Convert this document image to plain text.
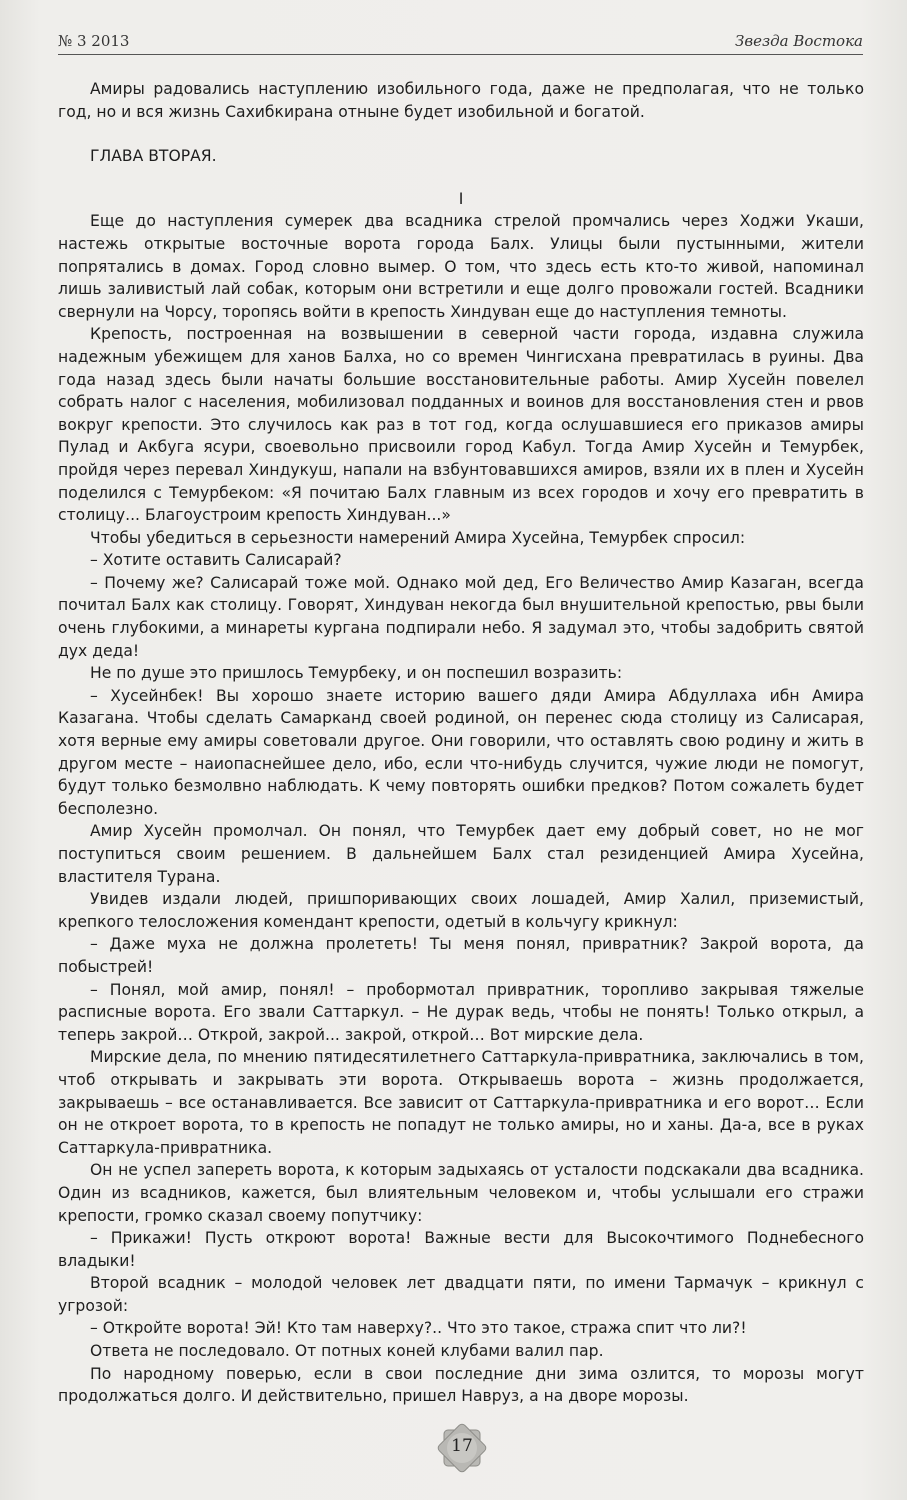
№ 3 2013	Звезда Востока

Амиры радовались наступлению изобильного года, даже не предполагая, что не только год, но и вся жизнь Сахибкирана отныне будет изобильной и богатой.

ГЛАВА ВТОРАЯ.

I

Еще до наступления сумерек два всадника стрелой промчались через Ходжи Укаши, настежь открытые восточные ворота города Балх. Улицы были пустынными, жители попрятались в домах. Город словно вымер. О том, что здесь есть кто-то живой, напоминал лишь заливистый лай собак, которым они встретили и еще долго провожали гостей. Всадники свернули на Чорсу, торопясь войти в крепость Хиндуван еще до наступления темноты.

Крепость, построенная на возвышении в северной части города, издавна служила надежным убежищем для ханов Балха, но со времен Чингисхана превратилась в руины. Два года назад здесь были начаты большие восстановительные работы. Амир Хусейн повелел собрать налог с населения, мобилизовал подданных и воинов для восстановления стен и рвов вокруг крепости. Это случилось как раз в тот год, когда ослушавшиеся его приказов амиры Пулад и Акбуга ясури, своевольно присвоили город Кабул. Тогда Амир Хусейн и Темурбек, пройдя через перевал Хиндукуш, напали на взбунтовавшихся амиров, взяли их в плен и Хусейн поделился с Темурбеком: «Я почитаю Балх главным из всех городов и хочу его превратить в столицу... Благоустроим крепость Хиндуван...»

Чтобы убедиться в серьезности намерений Амира Хусейна, Темурбек спросил:

– Хотите оставить Салисарай?

– Почему же? Салисарай тоже мой. Однако мой дед, Его Величество Амир Казаган, всегда почитал Балх как столицу. Говорят, Хиндуван некогда был внушительной крепостью, рвы были очень глубокими, а минареты кургана подпирали небо. Я задумал это, чтобы задобрить святой дух деда!

Не по душе это пришлось Темурбеку, и он поспешил возразить:

– Хусейнбек! Вы хорошо знаете историю вашего дяди Амира Абдуллаха ибн Амира Казагана. Чтобы сделать Самарканд своей родиной, он перенес сюда столицу из Салисарая, хотя верные ему амиры советовали другое. Они говорили, что оставлять свою родину и жить в другом месте – наиопаснейшее дело, ибо, если что-нибудь случится, чужие люди не помогут, будут только безмолвно наблюдать. К чему повторять ошибки предков? Потом сожалеть будет бесполезно.

Амир Хусейн промолчал. Он понял, что Темурбек дает ему добрый совет, но не мог поступиться своим решением. В дальнейшем Балх стал резиденцией Амира Хусейна, властителя Турана.

Увидев издали людей, пришпоривающих своих лошадей, Амир Халил, приземистый, крепкого телосложения комендант крепости, одетый в кольчугу крикнул:

– Даже муха не должна пролететь! Ты меня понял, привратник? Закрой ворота, да побыстрей!

– Понял, мой амир, понял! – пробормотал привратник, торопливо закрывая тяжелые расписные ворота. Его звали Саттаркул. – Не дурак ведь, чтобы не понять! Только открыл, а теперь закрой… Открой, закрой... закрой, открой… Вот мирские дела.

Мирские дела, по мнению пятидесятилетнего Саттаркула-привратника, заключались в том, чтоб открывать и закрывать эти ворота. Открываешь ворота – жизнь продолжается, закрываешь – все останавливается. Все зависит от Саттаркула-привратника и его ворот… Если он не откроет ворота, то в крепость не попадут не только амиры, но и ханы. Да-а, все в руках Саттаркула-привратника.

Он не успел запереть ворота, к которым задыхаясь от усталости подскакали два всадника. Один из всадников, кажется, был влиятельным человеком и, чтобы услышали его стражи крепости, громко сказал своему попутчику:

– Прикажи! Пусть откроют ворота! Важные вести для Высокочтимого Поднебесного владыки!

Второй всадник – молодой человек лет двадцати пяти, по имени Тармачук – крикнул с угрозой:

– Откройте ворота! Эй! Кто там наверху?.. Что это такое, стража спит что ли?!

Ответа не последовало. От потных коней клубами валил пар.

По народному поверью, если в свои последние дни зима озлится, то морозы могут продолжаться долго. И действительно, пришел Навруз, а на дворе морозы.

17
